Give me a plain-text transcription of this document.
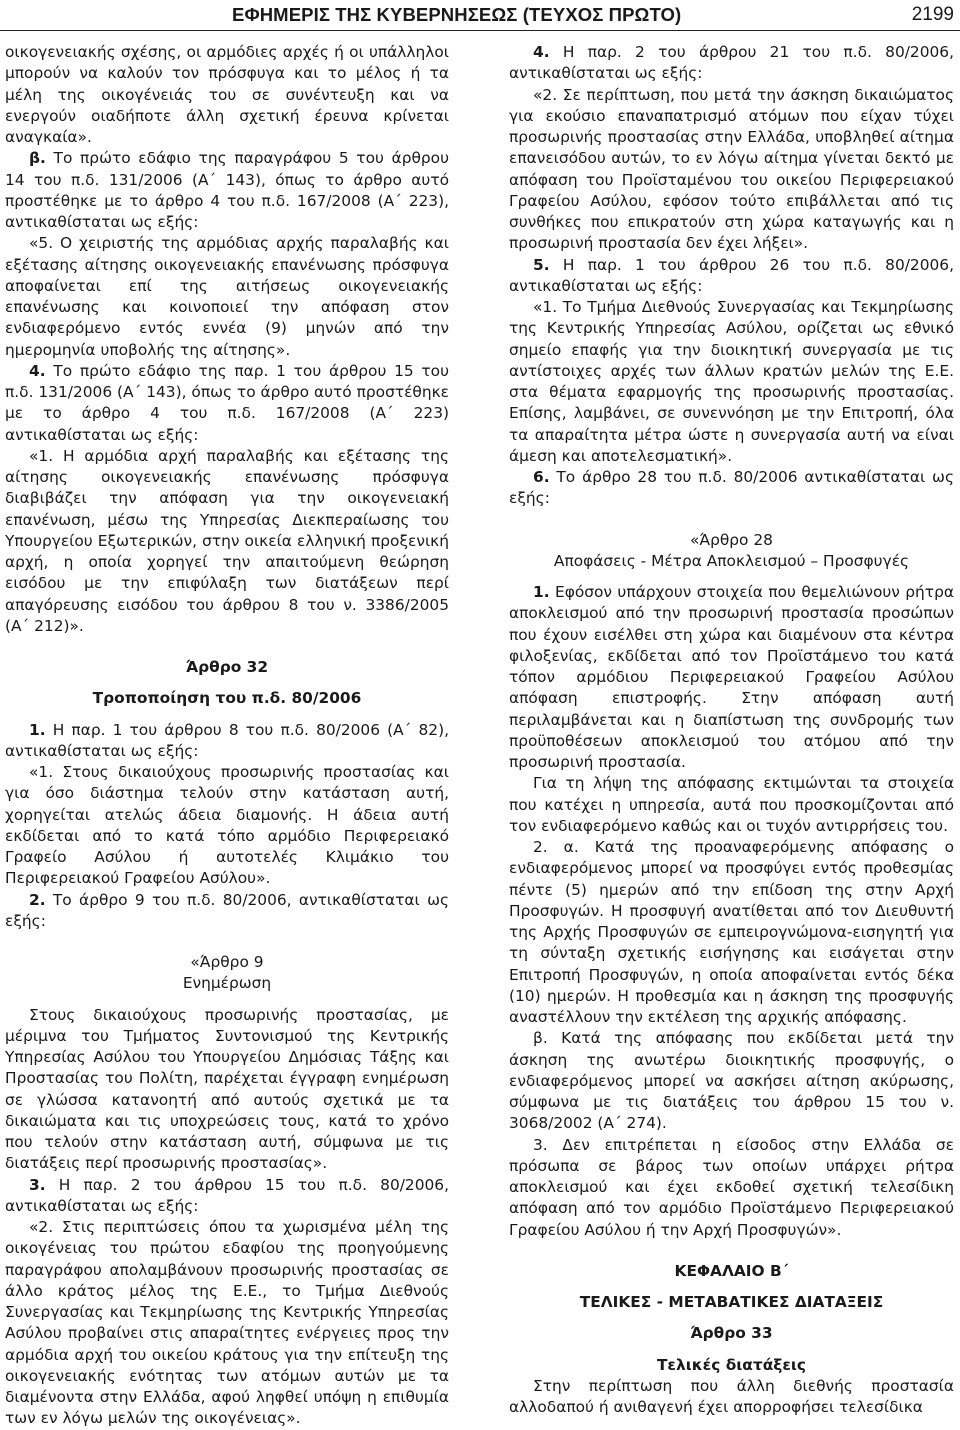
ΕΦΗΜΕΡΙΣ ΤΗΣ ΚΥΒΕΡΝΗΣΕΩΣ (ΤΕΥΧΟΣ ΠΡΩΤΟ)	2199

οικογενειακής σχέσης, οι αρμόδιες αρχές ή οι υπάλληλοι μπορούν να καλούν τον πρόσφυγα και το μέλος ή τα μέλη της οικογένειάς του σε συνέντευξη και να ενεργούν οιαδήποτε άλλη σχετική έρευνα κρίνεται αναγκαία».

β. Το πρώτο εδάφιο της παραγράφου 5 του άρθρου 14 του π.δ. 131/2006 (Α΄ 143), όπως το άρθρο αυτό προστέθηκε με το άρθρο 4 του π.δ. 167/2008 (Α΄ 223), αντικαθίσταται ως εξής:

«5. Ο χειριστής της αρμόδιας αρχής παραλαβής και εξέτασης αίτησης οικογενειακής επανένωσης πρόσφυγα αποφαίνεται επί της αιτήσεως οικογενειακής επανένωσης και κοινοποιεί την απόφαση στον ενδιαφερόμενο εντός εννέα (9) μηνών από την ημερομηνία υποβολής της αίτησης».

4. Το πρώτο εδάφιο της παρ. 1 του άρθρου 15 του π.δ. 131/2006 (Α΄ 143), όπως το άρθρο αυτό προστέθηκε με το άρθρο 4 του π.δ. 167/2008 (Α΄ 223) αντικαθίσταται ως εξής:

«1. Η αρμόδια αρχή παραλαβής και εξέτασης της αίτησης οικογενειακής επανένωσης πρόσφυγα διαβιβάζει την απόφαση για την οικογενειακή επανένωση, μέσω της Υπηρεσίας Διεκπεραίωσης του Υπουργείου Εξωτερικών, στην οικεία ελληνική προξενική αρχή, η οποία χορηγεί την απαιτούμενη θεώρηση εισόδου με την επιφύλαξη των διατάξεων περί απαγόρευσης εισόδου του άρθρου 8 του ν. 3386/2005 (Α΄ 212)».

Άρθρο 32

Τροποποίηση του π.δ. 80/2006

1. Η παρ. 1 του άρθρου 8 του π.δ. 80/2006 (Α΄ 82), αντικαθίσταται ως εξής:

«1. Στους δικαιούχους προσωρινής προστασίας και για όσο διάστημα τελούν στην κατάσταση αυτή, χορηγείται ατελώς άδεια διαμονής. Η άδεια αυτή εκδίδεται από το κατά τόπο αρμόδιο Περιφερειακό Γραφείο Ασύλου ή αυτοτελές Κλιμάκιο του Περιφερειακού Γραφείου Ασύλου».

2. Το άρθρο 9 του π.δ. 80/2006, αντικαθίσταται ως εξής:

«Άρθρο 9

Ενημέρωση

Στους δικαιούχους προσωρινής προστασίας, με μέριμνα του Τμήματος Συντονισμού της Κεντρικής Υπηρεσίας Ασύλου του Υπουργείου Δημόσιας Τάξης και Προστασίας του Πολίτη, παρέχεται έγγραφη ενημέρωση σε γλώσσα κατανοητή από αυτούς σχετικά με τα δικαιώματα και τις υποχρεώσεις τους, κατά το χρόνο που τελούν στην κατάσταση αυτή, σύμφωνα με τις διατάξεις περί προσωρινής προστασίας».

3. Η παρ. 2 του άρθρου 15 του π.δ. 80/2006, αντικαθίσταται ως εξής:

«2. Στις περιπτώσεις όπου τα χωρισμένα μέλη της οικογένειας του πρώτου εδαφίου της προηγούμενης παραγράφου απολαμβάνουν προσωρινής προστασίας σε άλλο κράτος μέλος της Ε.Ε., το Τμήμα Διεθνούς Συνεργασίας και Τεκμηρίωσης της Κεντρικής Υπηρεσίας Ασύλου προβαίνει στις απαραίτητες ενέργειες προς την αρμόδια αρχή του οικείου κράτους για την επίτευξη της οικογενειακής ενότητας των ατόμων αυτών με τα διαμένοντα στην Ελλάδα, αφού ληφθεί υπόψη η επιθυμία των εν λόγω μελών της οικογένειας».

4. Η παρ. 2 του άρθρου 21 του π.δ. 80/2006, αντικαθίσταται ως εξής:

«2. Σε περίπτωση, που μετά την άσκηση δικαιώματος για εκούσιο επαναπατρισμό ατόμων που είχαν τύχει προσωρινής προστασίας στην Ελλάδα, υποβληθεί αίτημα επανεισόδου αυτών, το εν λόγω αίτημα γίνεται δεκτό με απόφαση του Προϊσταμένου του οικείου Περιφερειακού Γραφείου Ασύλου, εφόσον τούτο επιβάλλεται από τις συνθήκες που επικρατούν στη χώρα καταγωγής και η προσωρινή προστασία δεν έχει λήξει».

5. Η παρ. 1 του άρθρου 26 του π.δ. 80/2006, αντικαθίσταται ως εξής:

«1. Το Τμήμα Διεθνούς Συνεργασίας και Τεκμηρίωσης της Κεντρικής Υπηρεσίας Ασύλου, ορίζεται ως εθνικό σημείο επαφής για την διοικητική συνεργασία με τις αντίστοιχες αρχές των άλλων κρατών μελών της Ε.Ε. στα θέματα εφαρμογής της προσωρινής προστασίας. Επίσης, λαμβάνει, σε συνεννόηση με την Επιτροπή, όλα τα απαραίτητα μέτρα ώστε η συνεργασία αυτή να είναι άμεση και αποτελεσματική».

6. Το άρθρο 28 του π.δ. 80/2006 αντικαθίσταται ως εξής:

«Άρθρο 28

Αποφάσεις - Μέτρα Αποκλεισμού – Προσφυγές

1. Εφόσον υπάρχουν στοιχεία που θεμελιώνουν ρήτρα αποκλεισμού από την προσωρινή προστασία προσώπων που έχουν εισέλθει στη χώρα και διαμένουν στα κέντρα φιλοξενίας, εκδίδεται από τον Προϊστάμενο του κατά τόπον αρμόδιου Περιφερειακού Γραφείου Ασύλου απόφαση επιστροφής. Στην απόφαση αυτή περιλαμβάνεται και η διαπίστωση της συνδρομής των προϋποθέσεων αποκλεισμού του ατόμου από την προσωρινή προστασία.

Για τη λήψη της απόφασης εκτιμώνται τα στοιχεία που κατέχει η υπηρεσία, αυτά που προσκομίζονται από τον ενδιαφερόμενο καθώς και οι τυχόν αντιρρήσεις του.

2. α. Κατά της προαναφερόμενης απόφασης ο ενδιαφερόμενος μπορεί να προσφύγει εντός προθεσμίας πέντε (5) ημερών από την επίδοση της στην Αρχή Προσφυγών. Η προσφυγή ανατίθεται από τον Διευθυντή της Αρχής Προσφυγών σε εμπειρογνώμονα-εισηγητή για τη σύνταξη σχετικής εισήγησης και εισάγεται στην Επιτροπή Προσφυγών, η οποία αποφαίνεται εντός δέκα (10) ημερών. Η προθεσμία και η άσκηση της προσφυγής αναστέλλουν την εκτέλεση της αρχικής απόφασης.

β. Κατά της απόφασης που εκδίδεται μετά την άσκηση της ανωτέρω διοικητικής προσφυγής, ο ενδιαφερόμενος μπορεί να ασκήσει αίτηση ακύρωσης, σύμφωνα με τις διατάξεις του άρθρου 15 του ν. 3068/2002 (Α΄ 274).

3. Δεν επιτρέπεται η είσοδος στην Ελλάδα σε πρόσωπα σε βάρος των οποίων υπάρχει ρήτρα αποκλεισμού και έχει εκδοθεί σχετική τελεσίδικη απόφαση από τον αρμόδιο Προϊστάμενο Περιφερειακού Γραφείου Ασύλου ή την Αρχή Προσφυγών».

ΚΕΦΑΛΑΙΟ Β΄

ΤΕΛΙΚΕΣ - ΜΕΤΑΒΑΤΙΚΕΣ ΔΙΑΤΑΞΕΙΣ

Άρθρο 33

Τελικές διατάξεις

Στην περίπτωση που άλλη διεθνής προστασία αλλοδαπού ή ανιθαγενή έχει απορροφήσει τελεσίδικα
